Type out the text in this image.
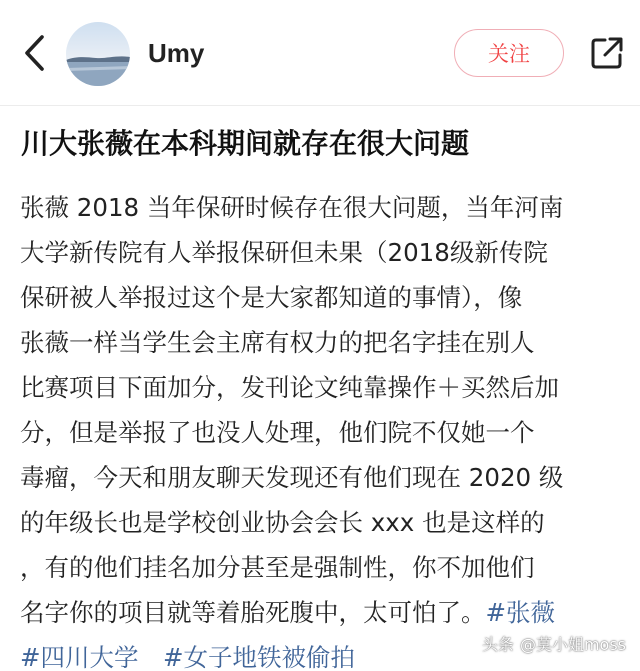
Umy	关注
川大张薇在本科期间就存在很大问题
张薇 2018 当年保研时候存在很大问题，当年河南
大学新传院有人举报保研但未果（2018级新传院
保研被人举报过这个是大家都知道的事情），像
张薇一样当学生会主席有权力的把名字挂在别人
比赛项目下面加分，发刊论文纯靠操作＋买然后加
分，但是举报了也没人处理，他们院不仅她一个
毒瘤，今天和朋友聊天发现还有他们现在 2020 级
的年级长也是学校创业协会会长 xxx 也是这样的
，有的他们挂名加分甚至是强制性，你不加他们
名字你的项目就等着胎死腹中，太可怕了。#张薇
#四川大学　 #女子地铁被偷拍	头条 @莫小姐moss
